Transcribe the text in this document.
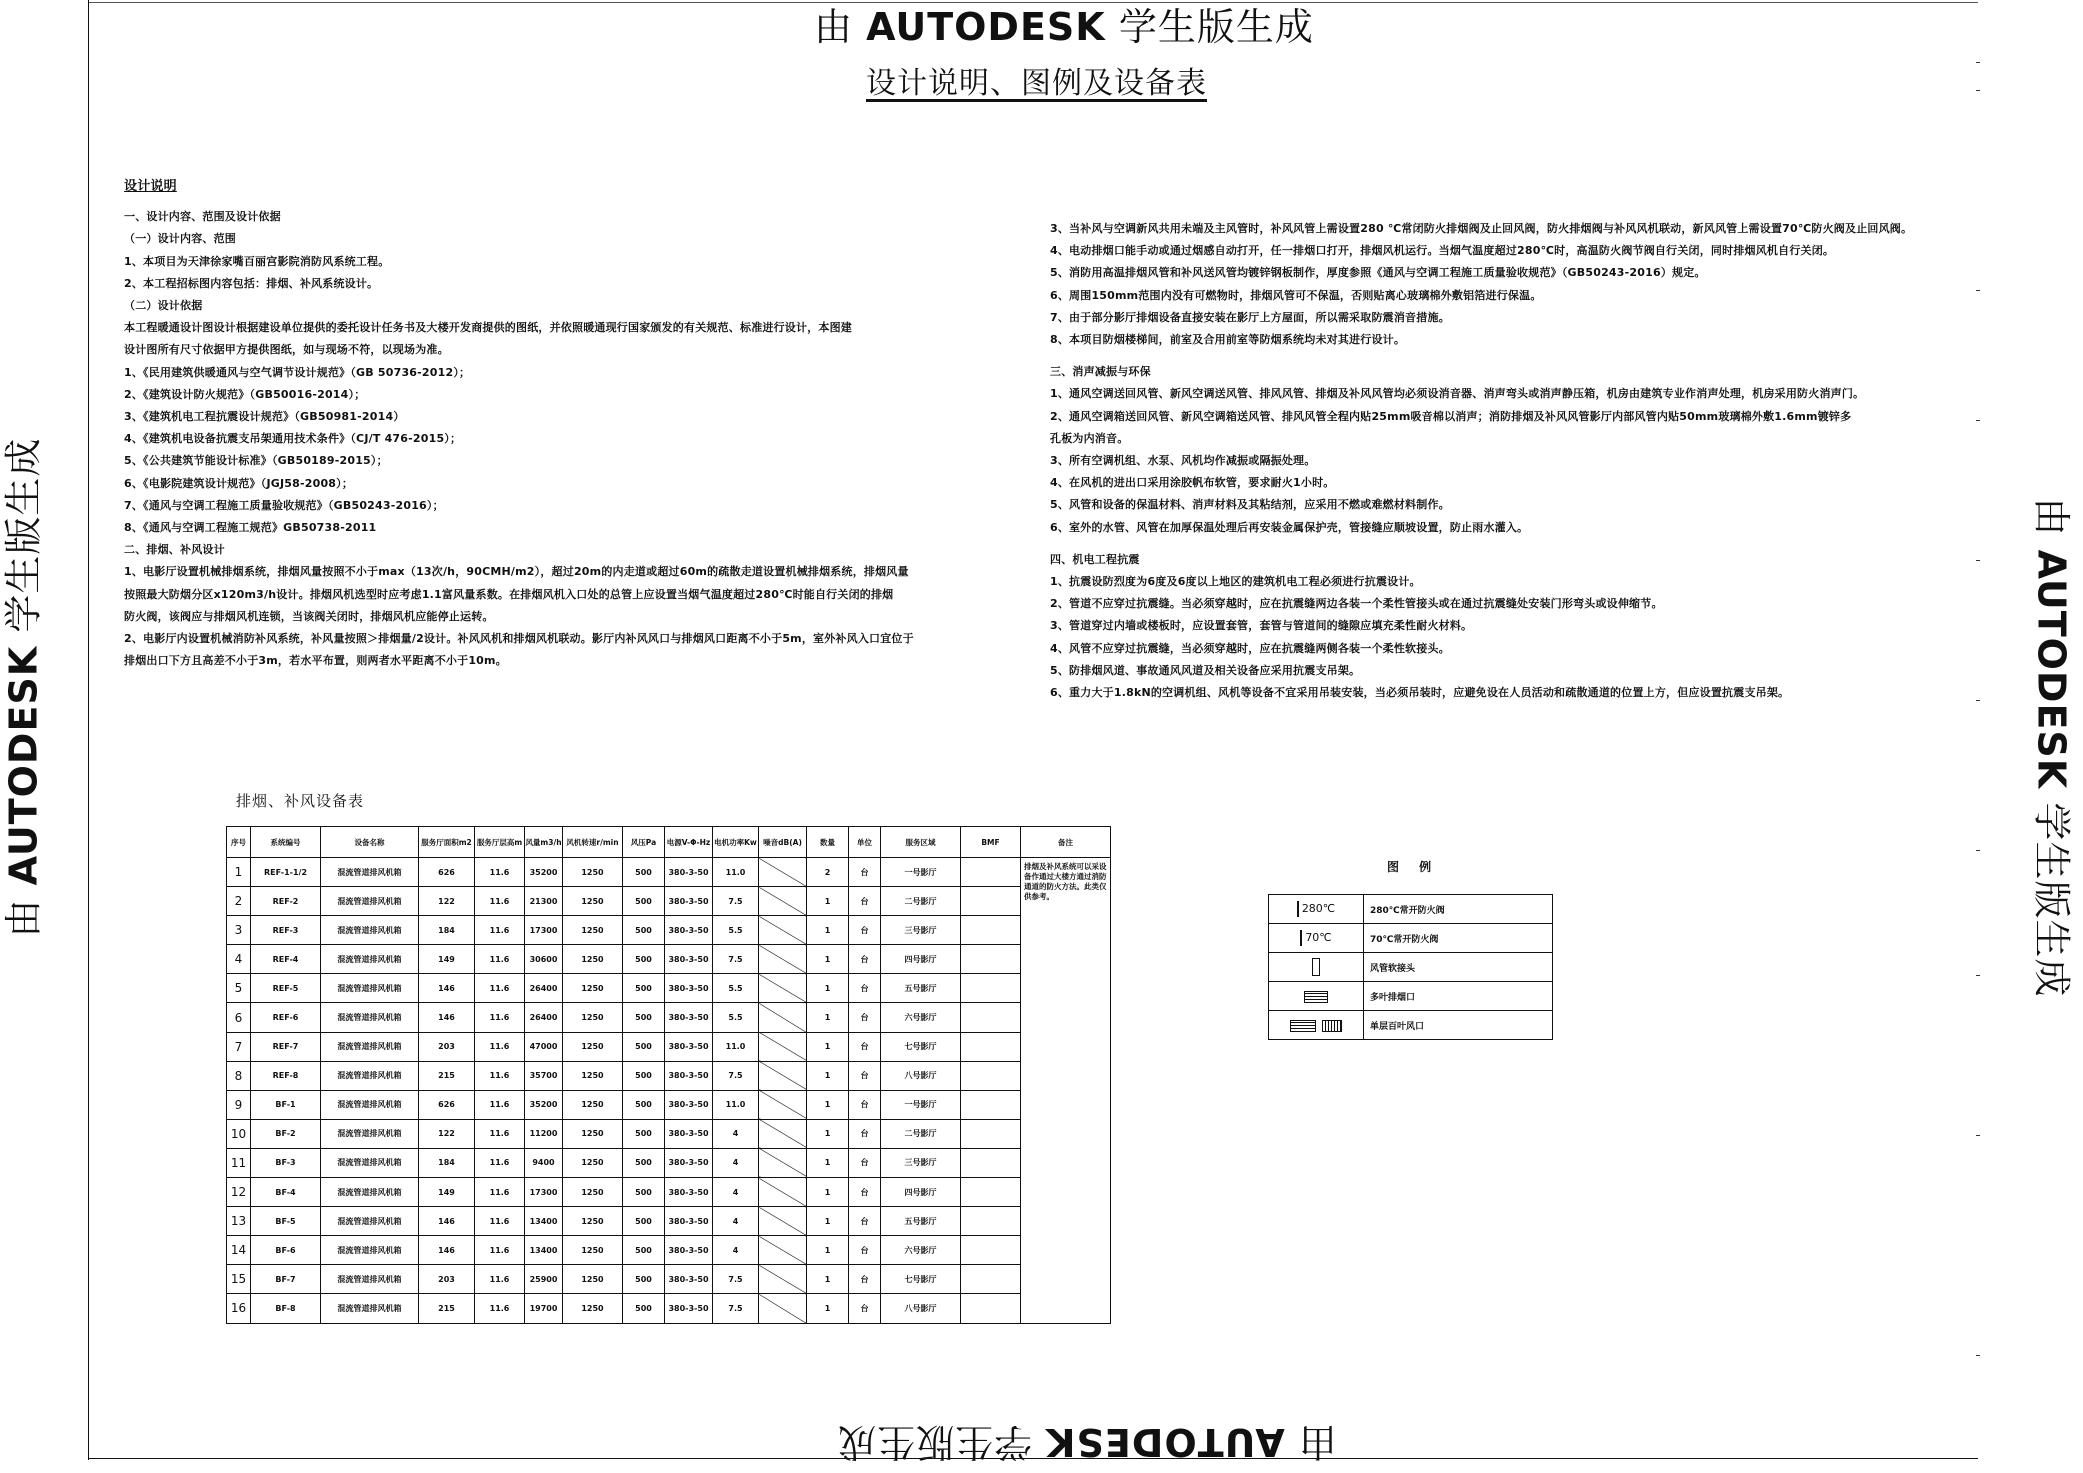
由 AUTODESK 学生版生成
由 AUTODESK 学生版生成
由 AUTODESK 学生版生成	由 AUTODESK 学生版生成
设计说明、图例及设备表
设计说明
一、设计内容、范围及设计依据
（一）设计内容、范围
1、本项目为天津徐家嘴百丽宫影院消防风系统工程。
2、本工程招标图内容包括：排烟、补风系统设计。
（二）设计依据
本工程暖通设计图设计根据建设单位提供的委托设计任务书及大楼开发商提供的图纸，并依照暖通现行国家颁发的有关规范、标准进行设计，本图建
设计图所有尺寸依据甲方提供图纸，如与现场不符，以现场为准。
1、《民用建筑供暖通风与空气调节设计规范》（GB 50736-2012）；
2、《建筑设计防火规范》（GB50016-2014）；
3、《建筑机电工程抗震设计规范》（GB50981-2014）
4、《建筑机电设备抗震支吊架通用技术条件》（CJ/T 476-2015）；
5、《公共建筑节能设计标准》（GB50189-2015）；
6、《电影院建筑设计规范》（JGJ58-2008）；
7、《通风与空调工程施工质量验收规范》（GB50243-2016）；
8、《通风与空调工程施工规范》GB50738-2011
二、排烟、补风设计
1、电影厅设置机械排烟系统，排烟风量按照不小于max（13次/h，90CMH/m2），超过20m的内走道或超过60m的疏散走道设置机械排烟系统，排烟风量
按照最大防烟分区x120m3/h设计。排烟风机选型时应考虑1.1富风量系数。在排烟风机入口处的总管上应设置当烟气温度超过280℃时能自行关闭的排烟
防火阀，该阀应与排烟风机连锁，当该阀关闭时，排烟风机应能停止运转。
2、电影厅内设置机械消防补风系统，补风量按照＞排烟量/2设计。补风风机和排烟风机联动。影厅内补风风口与排烟风口距离不小于5m，室外补风入口宜位于
排烟出口下方且高差不小于3m，若水平布置，则两者水平距离不小于10m。
3、当补风与空调新风共用未端及主风管时，补风风管上需设置280 ℃常闭防火排烟阀及止回风阀，防火排烟阀与补风风机联动，新风风管上需设置70℃防火阀及止回风阀。
4、电动排烟口能手动或通过烟感自动打开，任一排烟口打开，排烟风机运行。当烟气温度超过280℃时，高温防火阀节阀自行关闭，同时排烟风机自行关闭。
5、消防用高温排烟风管和补风送风管均镀锌钢板制作，厚度参照《通风与空调工程施工质量验收规范》（GB50243-2016）规定。
6、周围150mm范围内没有可燃物时，排烟风管可不保温，否则贴离心玻璃棉外敷铝箔进行保温。
7、由于部分影厅排烟设备直接安装在影厅上方屋面，所以需采取防震消音措施。
8、本项目防烟楼梯间，前室及合用前室等防烟系统均未对其进行设计。
三、消声减振与环保
1、通风空调送回风管、新风空调送风管、排风风管、排烟及补风风管均必须设消音器、消声弯头或消声静压箱，机房由建筑专业作消声处理，机房采用防火消声门。
2、通风空调箱送回风管、新风空调箱送风管、排风风管全程内贴25mm吸音棉以消声；消防排烟及补风风管影厅内部风管内贴50mm玻璃棉外敷1.6mm镀锌多
孔板为内消音。
3、所有空调机组、水泵、风机均作减振或隔振处理。
4、在风机的进出口采用涂胶帆布软管，要求耐火1小时。
5、风管和设备的保温材料、消声材料及其粘结剂，应采用不燃或难燃材料制作。
6、室外的水管、风管在加厚保温处理后再安装金属保护壳，管接缝应顺坡设置，防止雨水灌入。
四、机电工程抗震
1、抗震设防烈度为6度及6度以上地区的建筑机电工程必须进行抗震设计。
2、管道不应穿过抗震缝。当必须穿越时，应在抗震缝两边各装一个柔性管接头或在通过抗震缝处安装门形弯头或设伸缩节。
3、管道穿过内墙或楼板时，应设置套管，套管与管道间的缝隙应填充柔性耐火材料。
4、风管不应穿过抗震缝，当必须穿越时，应在抗震缝两侧各装一个柔性软接头。
5、防排烟风道、事故通风风道及相关设备应采用抗震支吊架。
6、重力大于1.8kN的空调机组、风机等设备不宜采用吊装安装，当必须吊装时，应避免设在人员活动和疏散通道的位置上方，但应设置抗震支吊架。
排烟、补风设备表
序号	系统编号	设备名称	服务厅面积m2	服务厅层高m	风量m3/h	风机转速r/min	风压Pa	电源V-Φ-Hz	电机功率Kw	噪音dB(A)	数量	单位	服务区域	BMF	备注
1	REF-1-1/2	混流管道排风机箱	626	11.6	35200	1250	500	380-3-50	11.0		2	台	一号影厅		排烟及补风系统可以采设备作通过大楼方通过消防通道的防火方法。此类仅供参考。
2	REF-2	混流管道排风机箱	122	11.6	21300	1250	500	380-3-50	7.5		1	台	二号影厅		
3	REF-3	混流管道排风机箱	184	11.6	17300	1250	500	380-3-50	5.5		1	台	三号影厅		
4	REF-4	混流管道排风机箱	149	11.6	30600	1250	500	380-3-50	7.5		1	台	四号影厅		
5	REF-5	混流管道排风机箱	146	11.6	26400	1250	500	380-3-50	5.5		1	台	五号影厅		
6	REF-6	混流管道排风机箱	146	11.6	26400	1250	500	380-3-50	5.5		1	台	六号影厅		
7	REF-7	混流管道排风机箱	203	11.6	47000	1250	500	380-3-50	11.0		1	台	七号影厅		
8	REF-8	混流管道排风机箱	215	11.6	35700	1250	500	380-3-50	7.5		1	台	八号影厅		
9	BF-1	混流管道排风机箱	626	11.6	35200	1250	500	380-3-50	11.0		1	台	一号影厅		
10	BF-2	混流管道排风机箱	122	11.6	11200	1250	500	380-3-50	4		1	台	二号影厅		
11	BF-3	混流管道排风机箱	184	11.6	9400	1250	500	380-3-50	4		1	台	三号影厅		
12	BF-4	混流管道排风机箱	149	11.6	17300	1250	500	380-3-50	4		1	台	四号影厅		
13	BF-5	混流管道排风机箱	146	11.6	13400	1250	500	380-3-50	4		1	台	五号影厅		
14	BF-6	混流管道排风机箱	146	11.6	13400	1250	500	380-3-50	4		1	台	六号影厅		
15	BF-7	混流管道排风机箱	203	11.6	25900	1250	500	380-3-50	7.5		1	台	七号影厅		
16	BF-8	混流管道排风机箱	215	11.6	19700	1250	500	380-3-50	7.5		1	台	八号影厅		
图 例
280℃	280℃常开防火阀
70℃	70℃常开防火阀
	风管软接头
	多叶排烟口
	单层百叶风口
